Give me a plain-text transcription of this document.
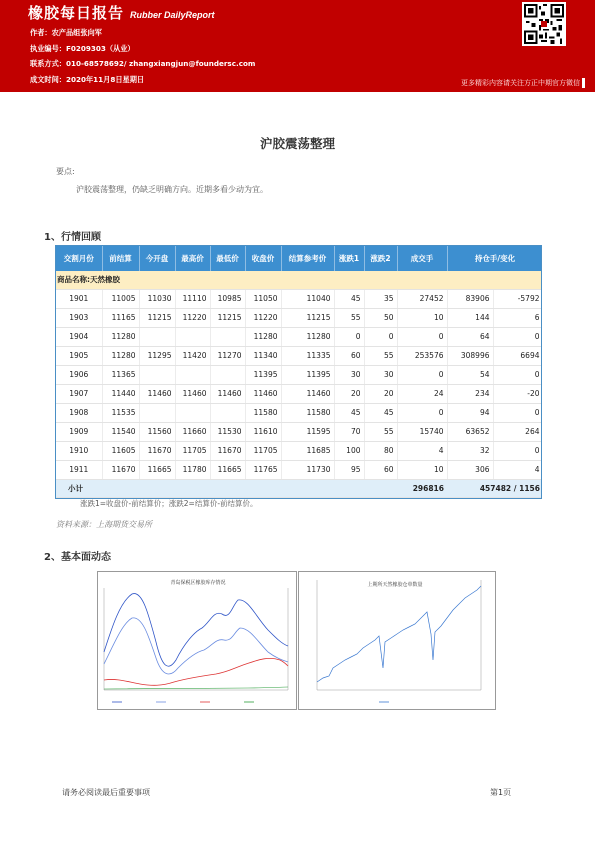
橡胶每日报告 Rubber DailyReport
作者：农产品组张向军
执业编号：F0209303（从业）
联系方式：010-68578692/ zhangxiangjun@foundersc.com
成文时间：2020年11月8日星期日	更多精彩内容请关注方正中期官方微信
沪胶震荡整理
要点:
沪胶震荡整理，仍缺乏明确方向。近期多看少动为宜。
1、行情回顾
交割月份	前结算	今开盘	最高价	最低价	收盘价	结算参考价	涨跌1	涨跌2	成交手	持仓手/变化	
商品名称:天然橡胶											
1901	11005	11030	11110	10985	11050	11040	45	35	27452	83906	-5792
1903	11165	11215	11220	11215	11220	11215	55	50	10	144	6
1904	11280				11280	11280	0	0	0	64	0
1905	11280	11295	11420	11270	11340	11335	60	55	253576	308996	6694
1906	11365				11395	11395	30	30	0	54	0
1907	11440	11460	11460	11460	11460	11460	20	20	24	234	-20
1908	11535				11580	11580	45	45	0	94	0
1909	11540	11560	11660	11530	11610	11595	70	55	15740	63652	264
1910	11605	11670	11705	11670	11705	11685	100	80	4	32	0
1911	11670	11665	11780	11665	11765	11730	95	60	10	306	4
小计									296816	457482 / 1156	
涨跌1=收盘价-前结算价；涨跌2=结算价-前结算价。
资料来源：上海期货交易所
2、基本面动态
青岛保税区橡胶库存情况	上期所天然橡胶仓单数量
请务必阅读最后重要事项	第1页
